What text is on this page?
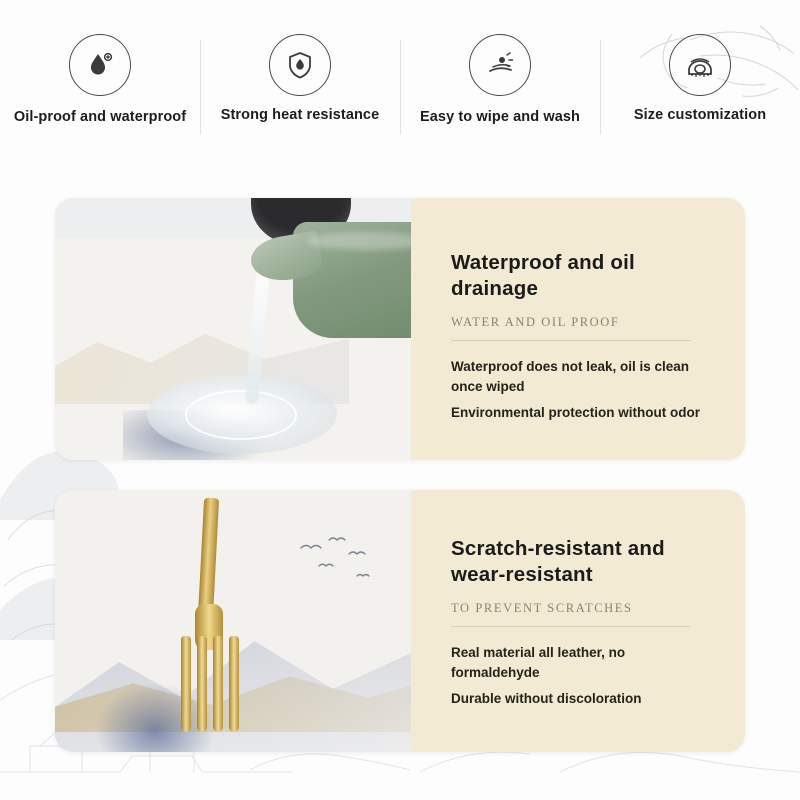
Oil-proof and waterproof Strong heat resistance	Easy to wipe and wash	Size customization
Waterproof and oil drainage
WATER AND OIL PROOF

Waterproof does not leak, oil is clean once wiped

Environmental protection without odor

Scratch-resistant and wear-resistant
TO PREVENT SCRATCHES

Real material all leather, no formaldehyde

Durable without discoloration
